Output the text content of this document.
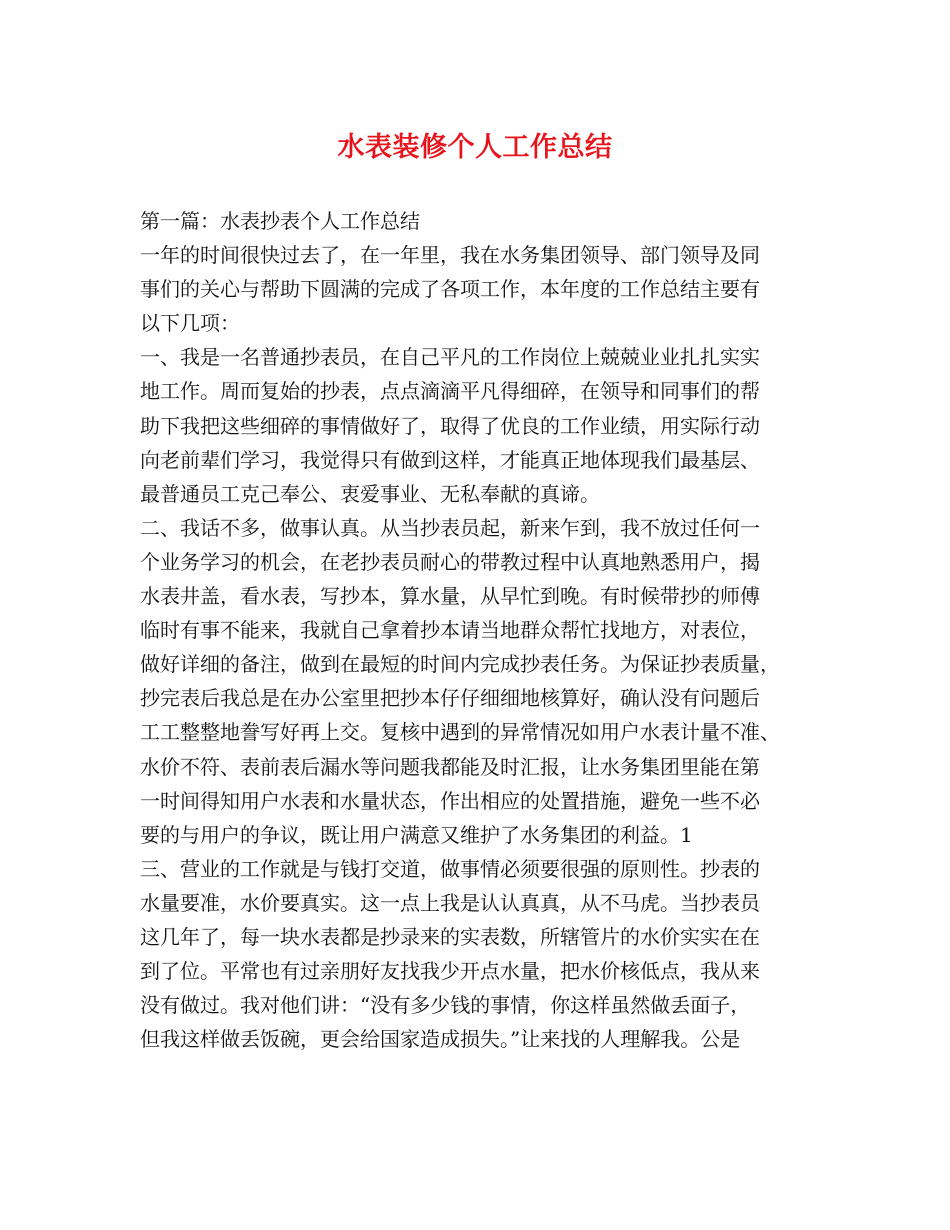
水表装修个人工作总结
第一篇：水表抄表个人工作总结
一年的时间很快过去了，在一年里，我在水务集团领导、部门领导及同
事们的关心与帮助下圆满的完成了各项工作，本年度的工作总结主要有
以下几项：
一、我是一名普通抄表员，在自己平凡的工作岗位上兢兢业业扎扎实实
地工作。周而复始的抄表，点点滴滴平凡得细碎，在领导和同事们的帮
助下我把这些细碎的事情做好了，取得了优良的工作业绩，用实际行动
向老前辈们学习，我觉得只有做到这样，才能真正地体现我们最基层、
最普通员工克己奉公、衷爱事业、无私奉献的真谛。
二、我话不多，做事认真。从当抄表员起，新来乍到，我不放过任何一
个业务学习的机会，在老抄表员耐心的带教过程中认真地熟悉用户，揭
水表井盖，看水表，写抄本，算水量，从早忙到晚。有时候带抄的师傅
临时有事不能来，我就自己拿着抄本请当地群众帮忙找地方，对表位，
做好详细的备注，做到在最短的时间内完成抄表任务。为保证抄表质量，
抄完表后我总是在办公室里把抄本仔仔细细地核算好，确认没有问题后
工工整整地誊写好再上交。复核中遇到的异常情况如用户水表计量不准、
水价不符、表前表后漏水等问题我都能及时汇报，让水务集团里能在第
一时间得知用户水表和水量状态，作出相应的处置措施，避免一些不必
要的与用户的争议，既让用户满意又维护了水务集团的利益。1
三、营业的工作就是与钱打交道，做事情必须要很强的原则性。抄表的
水量要准，水价要真实。这一点上我是认认真真，从不马虎。当抄表员
这几年了，每一块水表都是抄录来的实表数，所辖管片的水价实实在在
到了位。平常也有过亲朋好友找我少开点水量，把水价核低点，我从来
没有做过。我对他们讲：“没有多少钱的事情，你这样虽然做丢面子，
但我这样做丢饭碗，更会给国家造成损失。”让来找的人理解我。公是
